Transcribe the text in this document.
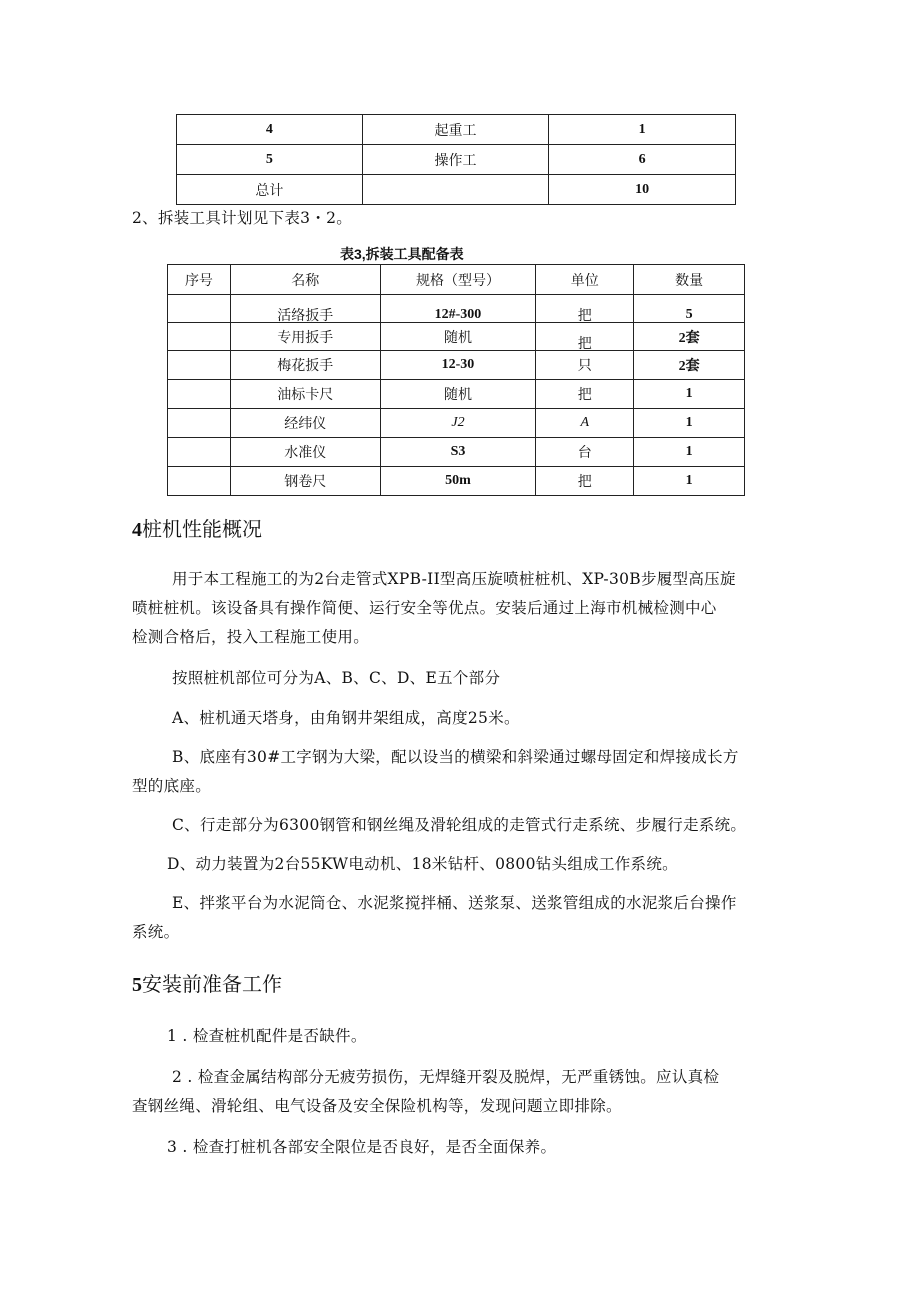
4	起重工	1
5	操作工	6
总计		10
2、拆装工具计划见下表3・2。
表3,拆装工具配备表
序号	名称	规格（型号）	单位	数量
	活络扳手	12#-300	把	5
	专用扳手	随机	把	2套
	梅花扳手	12-30	只	2套
	油标卡尺	随机	把	1
	经纬仪	J2	A	1
	水准仪	S3	台	1
	钢卷尺	50m	把	1
4桩机性能概况
用于本工程施工的为2台走管式XPB-II型高压旋喷桩桩机、XP-30B步履型高压旋
喷桩桩机。该设备具有操作简便、运行安全等优点。安装后通过上海市机械检测中心
检测合格后，投入工程施工使用。
按照桩机部位可分为A、B、C、D、E五个部分
A、桩机通天塔身，由角钢井架组成，高度25米。
B、底座有30#工字钢为大梁，配以设当的横梁和斜梁通过螺母固定和焊接成长方
型的底座。
C、行走部分为6300钢管和钢丝绳及滑轮组成的走管式行走系统、步履行走系统。
D、动力装置为2台55KW电动机、18米钻杆、0800钻头组成工作系统。
E、拌浆平台为水泥筒仓、水泥浆搅拌桶、送浆泵、送浆管组成的水泥浆后台操作
系统。
5安装前准备工作
1 . 检查桩机配件是否缺件。
2 . 检查金属结构部分无疲劳损伤，无焊缝开裂及脱焊，无严重锈蚀。应认真检
查钢丝绳、滑轮组、电气设备及安全保险机构等，发现问题立即排除。
3 . 检查打桩机各部安全限位是否良好，是否全面保养。
